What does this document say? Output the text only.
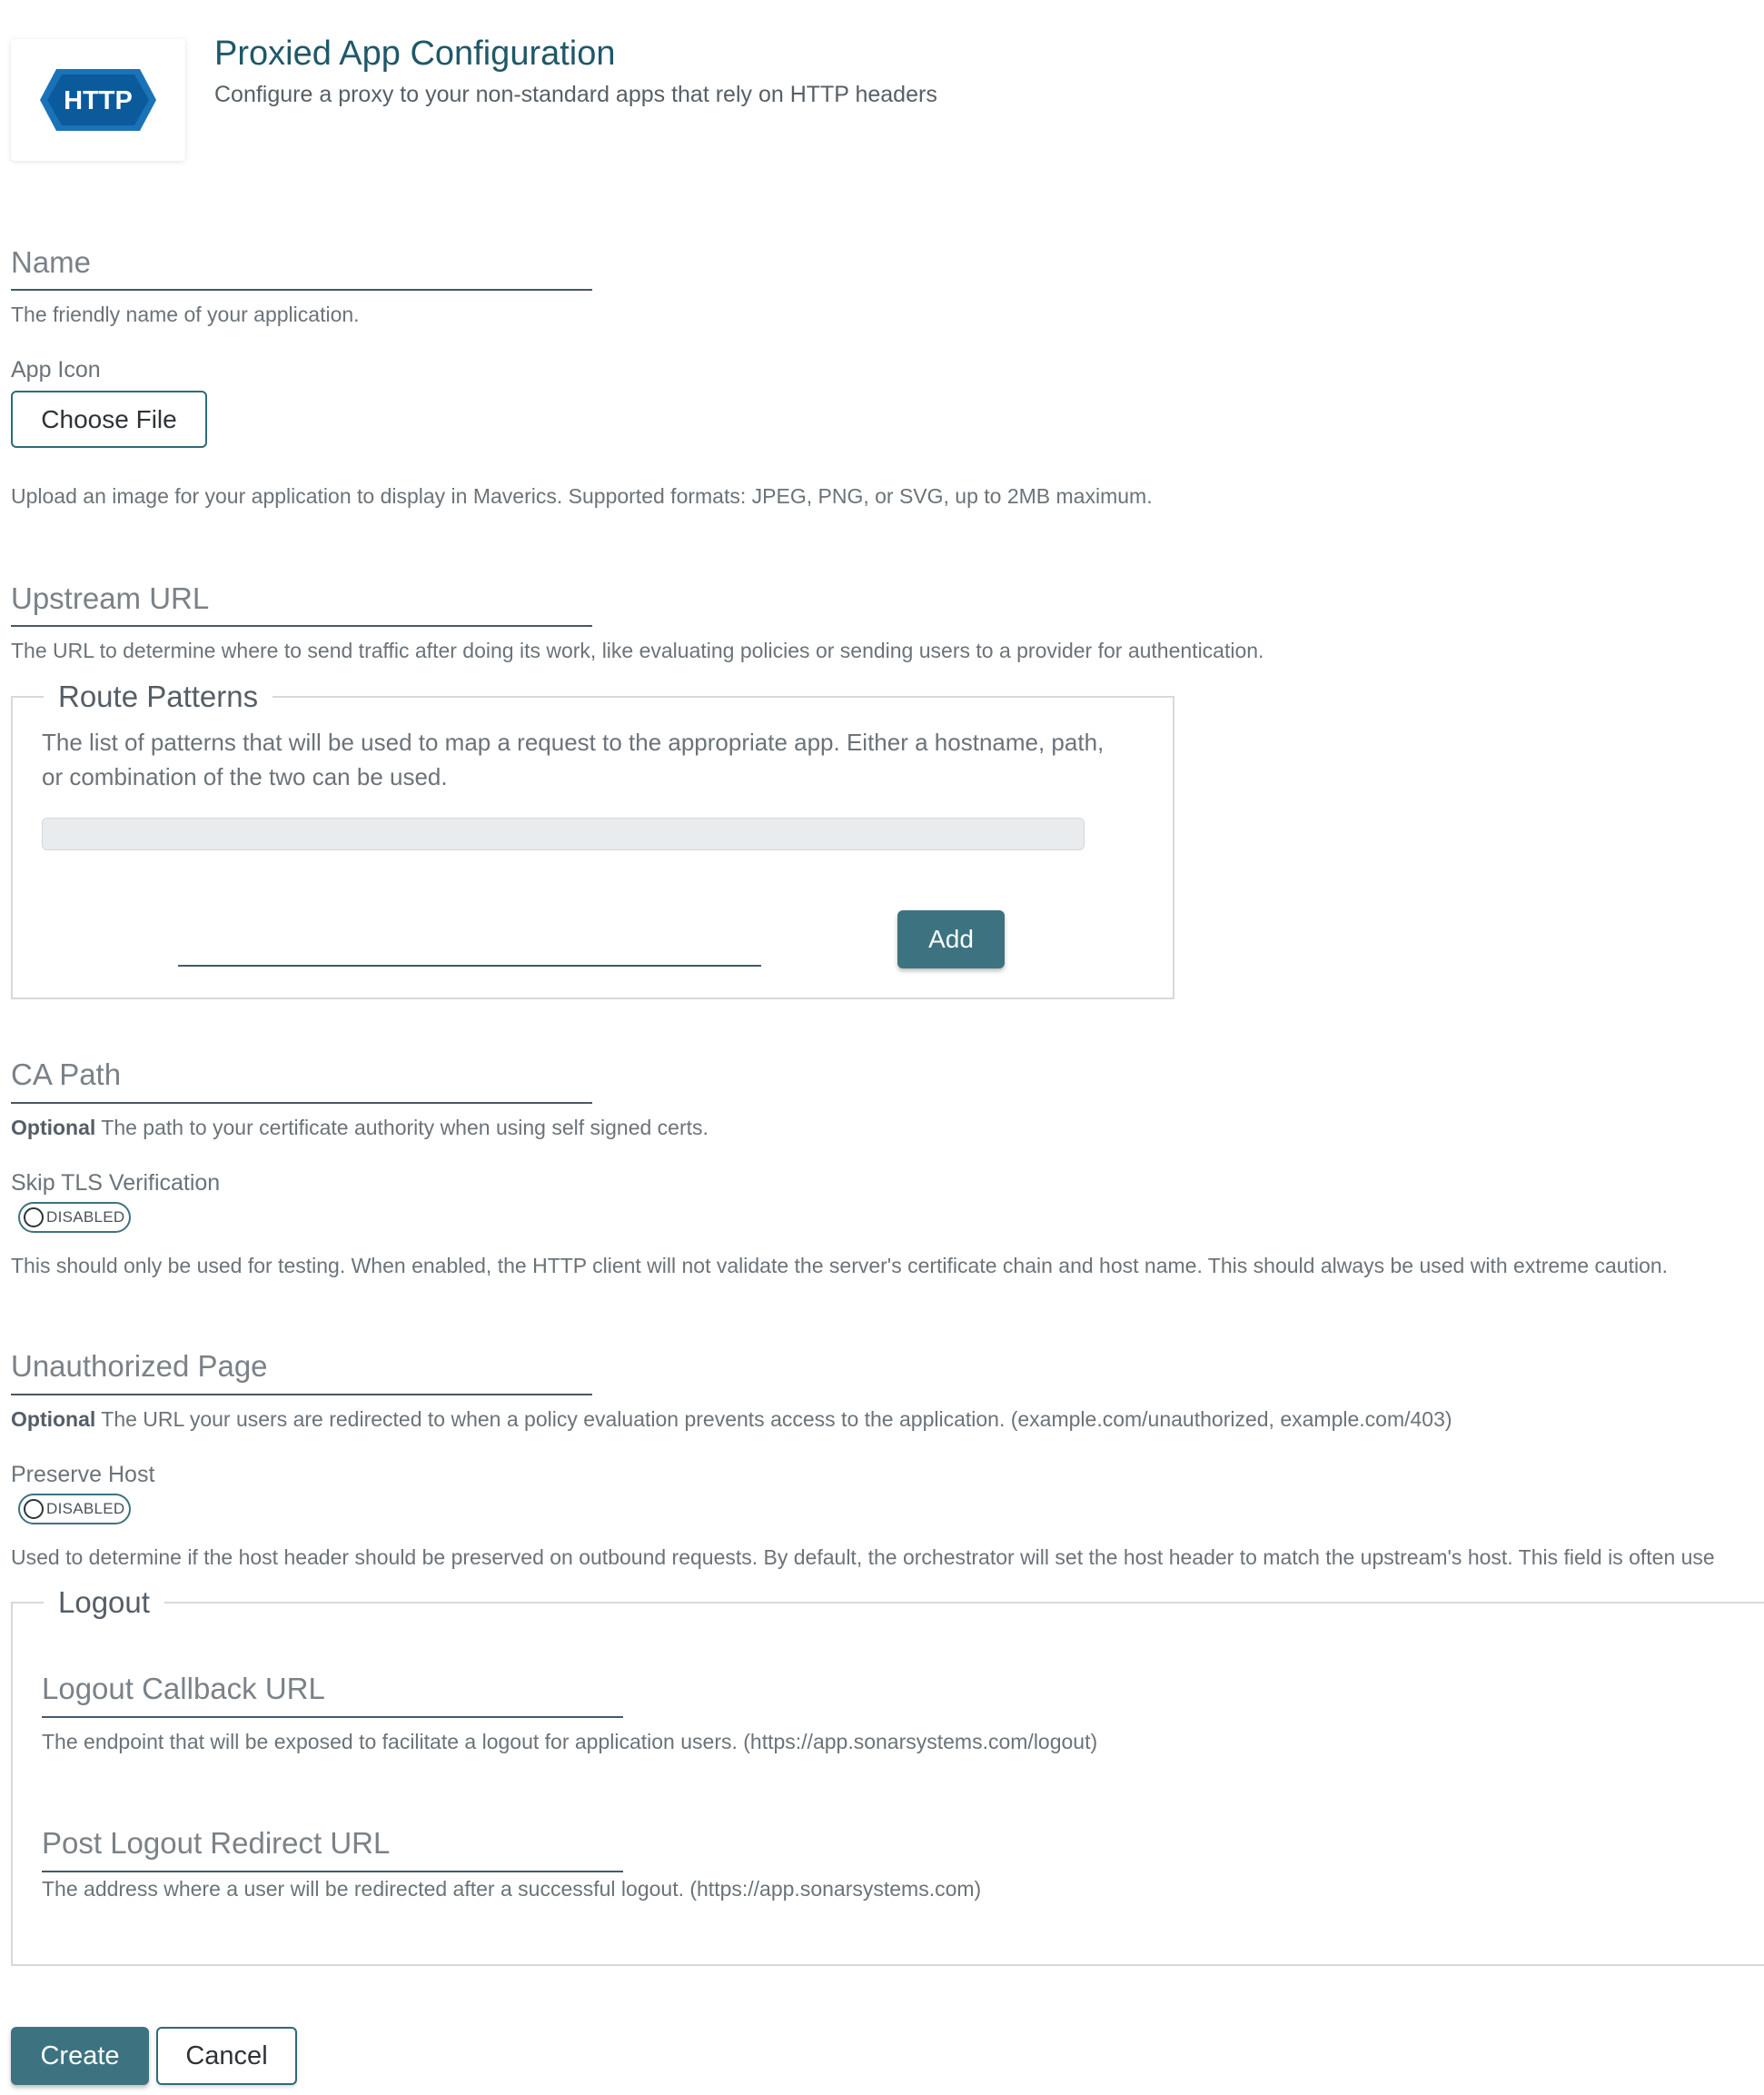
HTTP
Proxied App Configuration
Configure a proxy to your non-standard apps that rely on HTTP headers
Name
The friendly name of your application.
App Icon
Choose File
Upload an image for your application to display in Maverics. Supported formats: JPEG, PNG, or SVG, up to 2MB maximum.
Upstream URL
The URL to determine where to send traffic after doing its work, like evaluating policies or sending users to a provider for authentication.
Route Patterns
The list of patterns that will be used to map a request to the appropriate app. Either a hostname, path, or combination of the two can be used.
Add
CA Path
Optional The path to your certificate authority when using self signed certs.
Skip TLS Verification
DISABLED
This should only be used for testing. When enabled, the HTTP client will not validate the server's certificate chain and host name. This should always be used with extreme caution.
Unauthorized Page
Optional The URL your users are redirected to when a policy evaluation prevents access to the application. (example.com/unauthorized, example.com/403)
Preserve Host
DISABLED
Used to determine if the host header should be preserved on outbound requests. By default, the orchestrator will set the host header to match the upstream's host. This field is often use
Logout
Logout Callback URL
The endpoint that will be exposed to facilitate a logout for application users. (https://app.sonarsystems.com/logout)
Post Logout Redirect URL
The address where a user will be redirected after a successful logout. (https://app.sonarsystems.com)
Create	Cancel
